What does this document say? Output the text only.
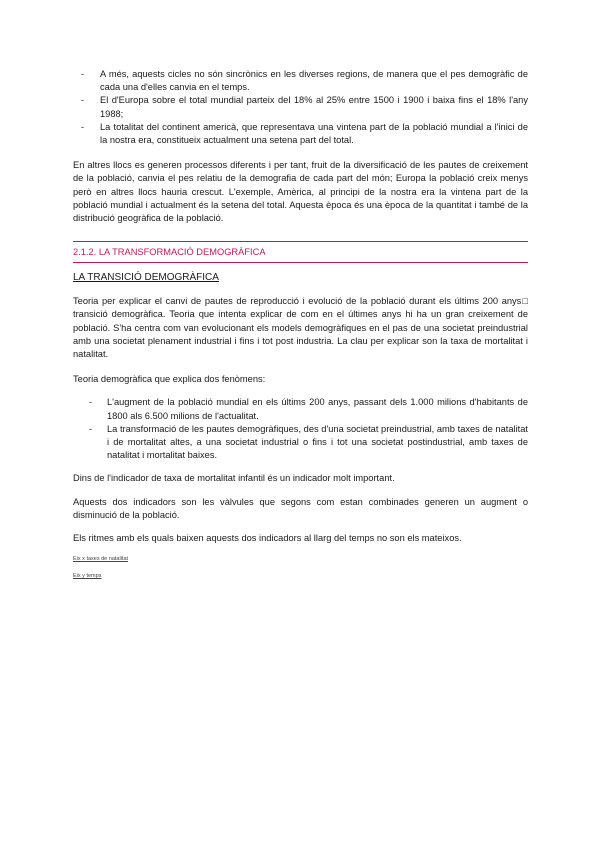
- A més, aquests cicles no són sincrònics en les diverses regions, de manera que el pes demogràfic de cada una d'elles canvia en el temps.
- El d'Europa sobre el total mundial parteix del 18% al 25% entre 1500 i 1900 i baixa fins el 18% l'any 1988;
- La totalitat del continent americà, que representava una vintena part de la població mundial a l'inici de la nostra era, constitueix actualment una setena part del total.

En altres llocs es generen processos diferents i per tant, fruit de la diversificació de les pautes de creixement de la població, canvia el pes relatiu de la demografia de cada part del món; Europa la població creix menys però en altres llocs hauria crescut. L'exemple, Amèrica, al principi de la nostra era la vintena part de la població mundial i actualment és la setena del total. Aquesta època és una època de la quantitat i també de la distribució geogràfica de la població.

2.1.2. LA TRANSFORMACIÓ DEMOGRÀFICA
LA TRANSICIÓ DEMOGRÀFICA

Teoria per explicar el canvi de pautes de reproducció i evolució de la població durant els últims 200 anys□ transició demogràfica. Teoria que intenta explicar de com en el últimes anys hi ha un gran creixement de població. S'ha centra com van evolucionant els models demogràfiques en el pas de una societat preindustrial amb una societat plenament industrial i fins i tot post industria. La clau per explicar son la taxa de mortalitat i natalitat.

Teoria demogràfica que explica dos fenòmens:

- L'augment de la població mundial en els últims 200 anys, passant dels 1.000 milions d'habitants de 1800 als 6.500 milions de l'actualitat.
- La transformació de les pautes demogràfiques, des d'una societat preindustrial, amb taxes de natalitat i de mortalitat altes, a una societat industrial o fins i tot una societat postindustrial, amb taxes de natalitat i mortalitat baixes.

Dins de l'indicador de taxa de mortalitat infantil és un indicador molt important.

Aquests dos indicadors son les vàlvules que segons com estan combinades generen un augment o disminució de la població.

Els ritmes amb els quals baixen aquests dos indicadors al llarg del temps no son els mateixos.

Eix x taxes de natalitat

Eix y temps
